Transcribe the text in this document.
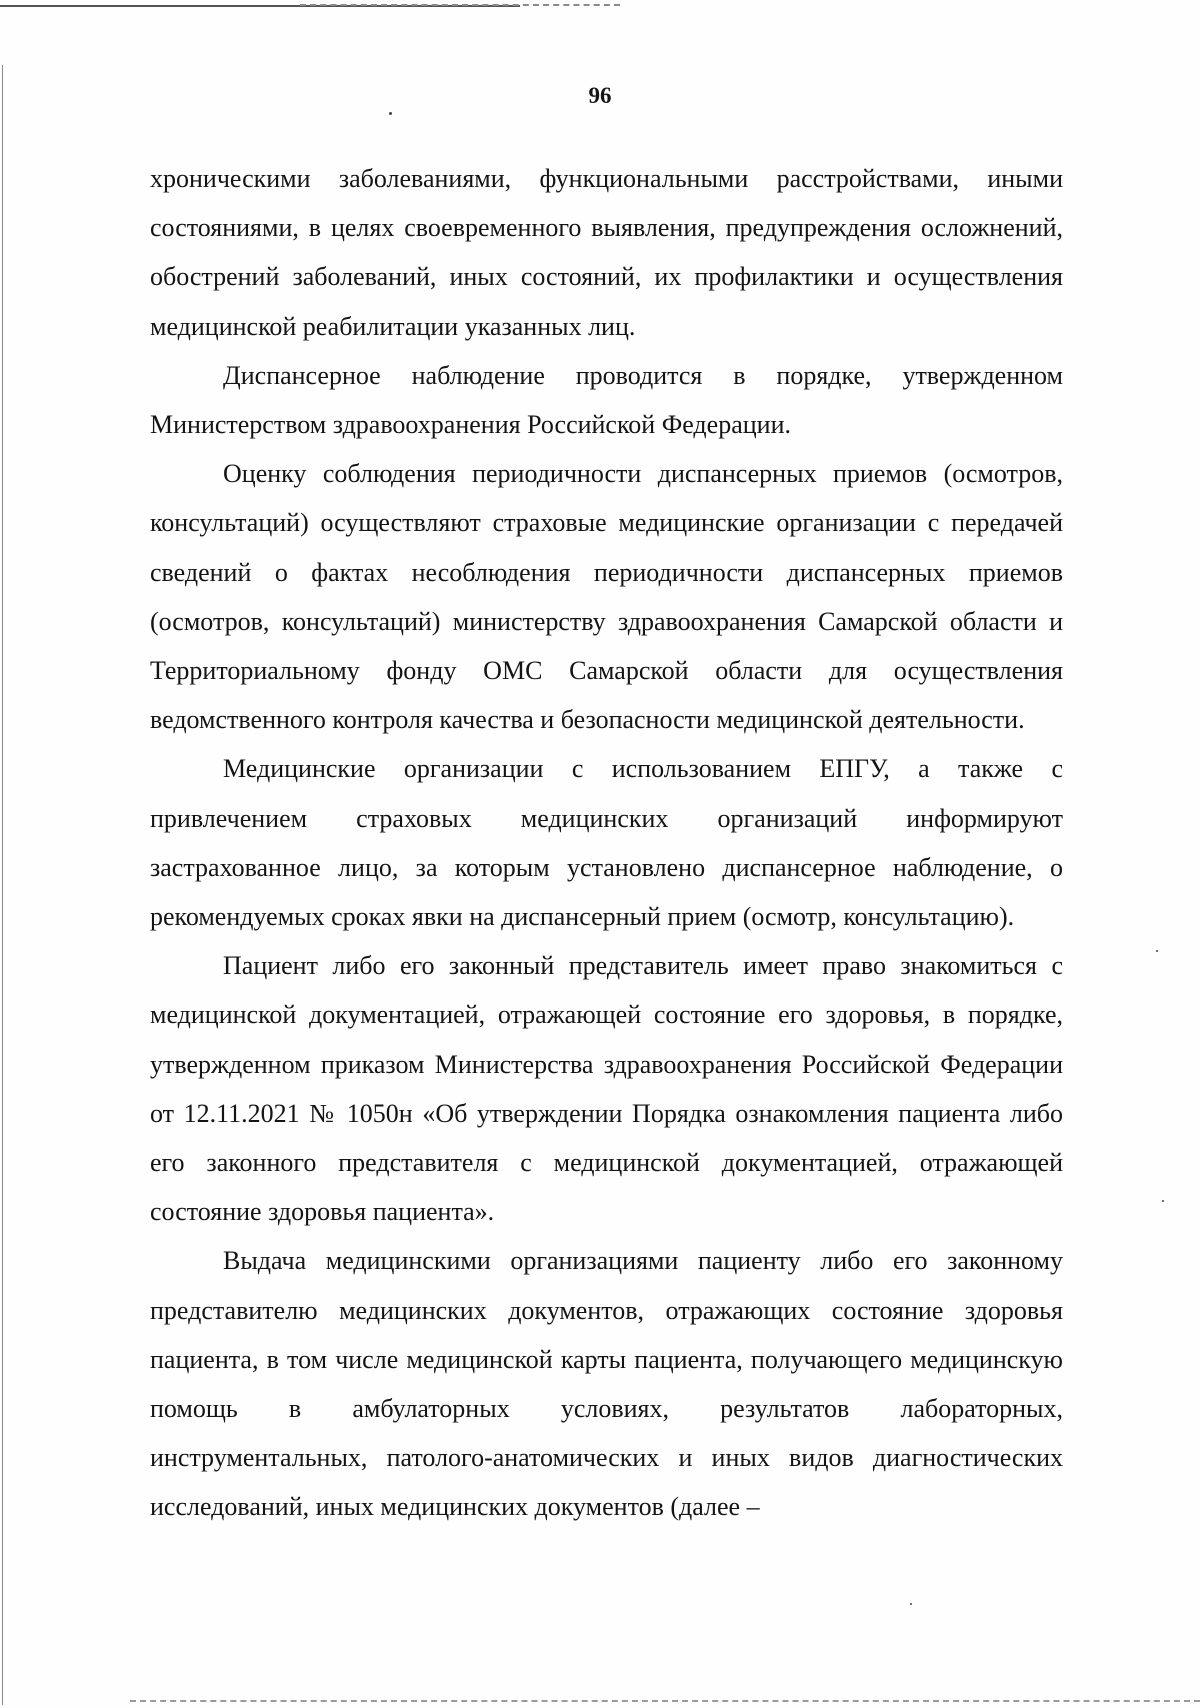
96

хроническими заболеваниями, функциональными расстройствами, иными состояниями, в целях своевременного выявления, предупреждения осложнений, обострений заболеваний, иных состояний, их профилактики и осуществления медицинской реабилитации указанных лиц.

Диспансерное наблюдение проводится в порядке, утвержденном Министерством здравоохранения Российской Федерации.

Оценку соблюдения периодичности диспансерных приемов (осмотров, консультаций) осуществляют страховые медицинские организации с передачей сведений о фактах несоблюдения периодичности диспансерных приемов (осмотров, консультаций) министерству здравоохранения Самарской области и Территориальному фонду ОМС Самарской области для осуществления ведомственного контроля качества и безопасности медицинской деятельности.

Медицинские организации с использованием ЕПГУ, а также с привлечением страховых медицинских организаций информируют застрахованное лицо, за которым установлено диспансерное наблюдение, о рекомендуемых сроках явки на диспансерный прием (осмотр, консультацию).

Пациент либо его законный представитель имеет право знакомиться с медицинской документацией, отражающей состояние его здоровья, в порядке, утвержденном приказом Министерства здравоохранения Российской Федерации от 12.11.2021 № 1050н «Об утверждении Порядка ознакомления пациента либо его законного представителя с медицинской документацией, отражающей состояние здоровья пациента».

Выдача медицинскими организациями пациенту либо его законному представителю медицинских документов, отражающих состояние здоровья пациента, в том числе медицинской карты пациента, получающего медицинскую помощь в амбулаторных условиях, результатов лабораторных, инструментальных, патолого-анатомических и иных видов диагностических исследований, иных медицинских документов (далее –
